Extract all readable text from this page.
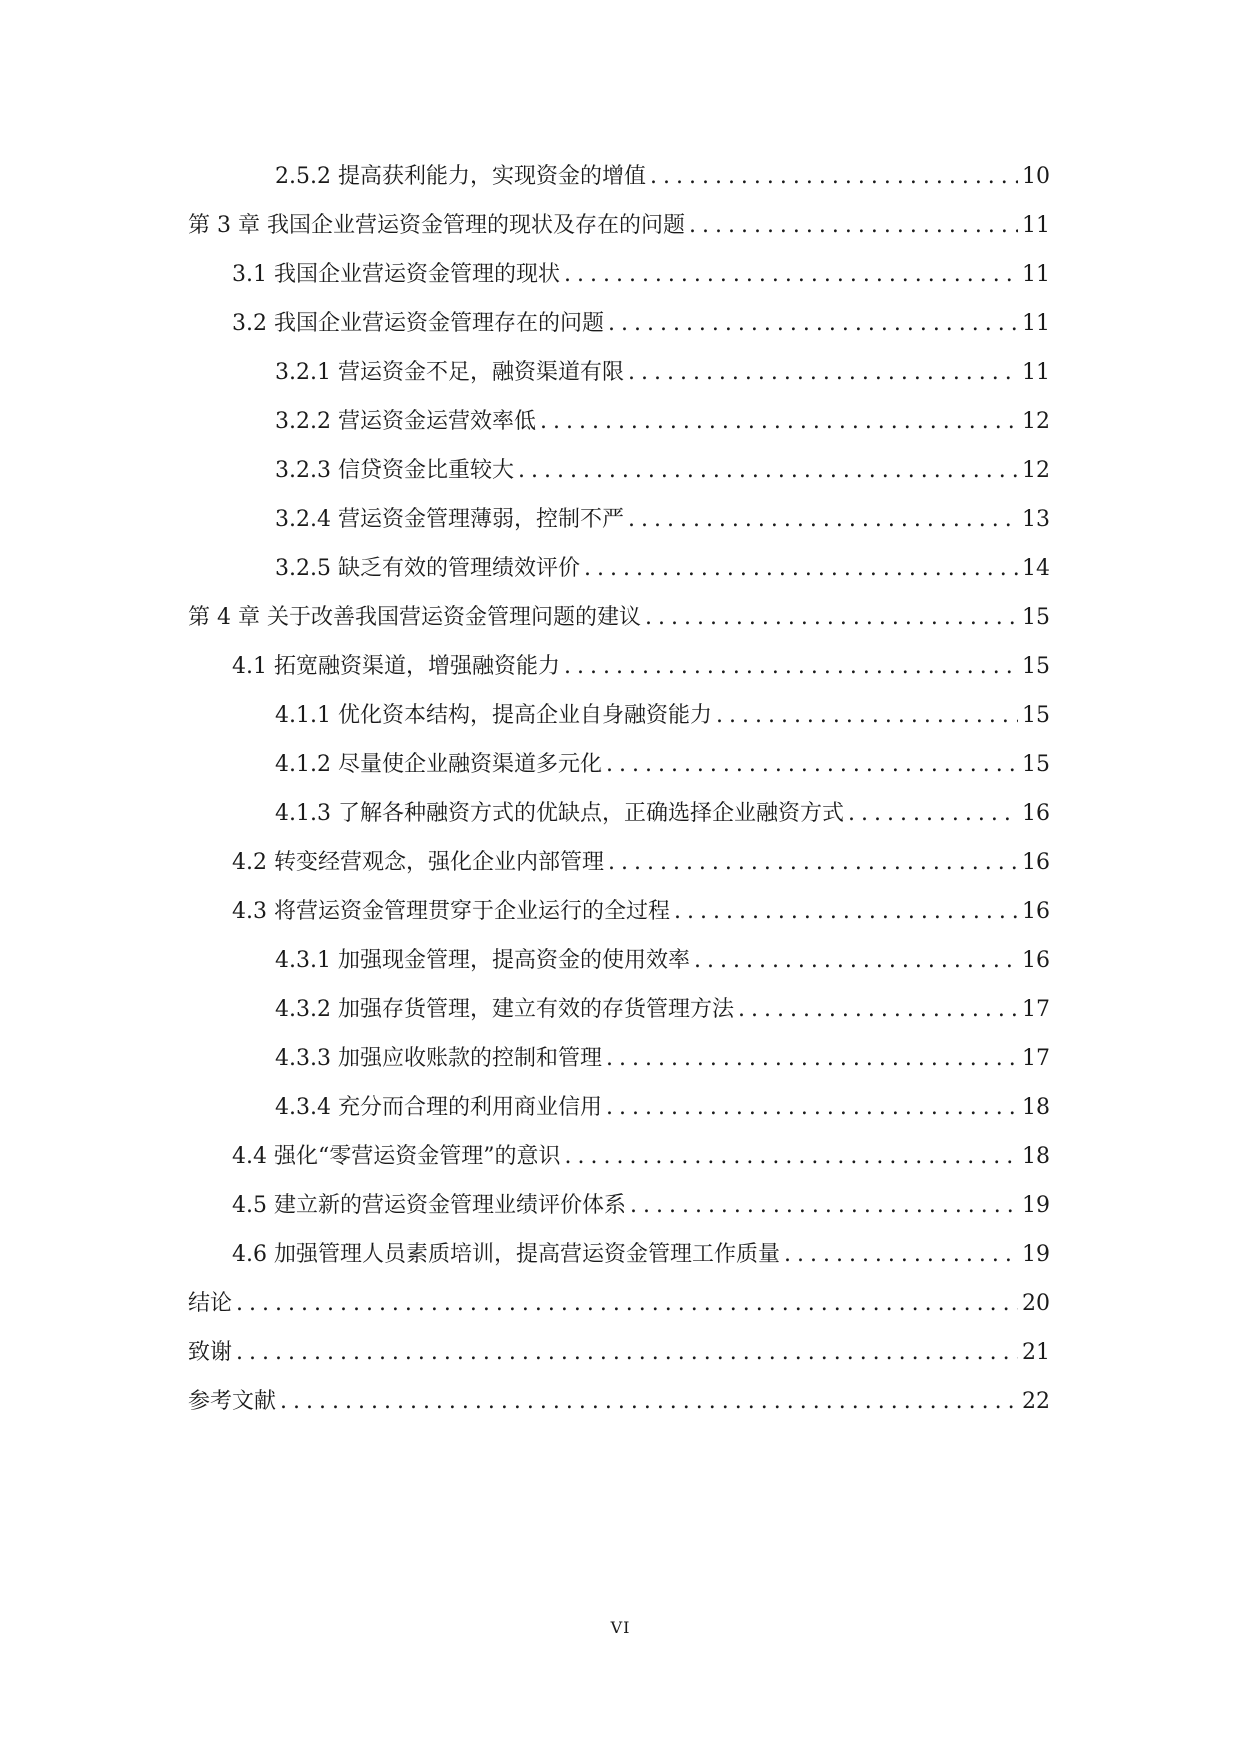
2.5.2 提高获利能力，实现资金的增值 .....	10
第 3 章 我国企业营运资金管理的现状及存在的问题 .....	11
3.1 我国企业营运资金管理的现状 .....	11
3.2 我国企业营运资金管理存在的问题 .....	11
3.2.1 营运资金不足，融资渠道有限 .....	11
3.2.2 营运资金运营效率低 .....	12
3.2.3 信贷资金比重较大 .....	12
3.2.4 营运资金管理薄弱，控制不严 .....	13
3.2.5 缺乏有效的管理绩效评价 .....	14
第 4 章 关于改善我国营运资金管理问题的建议 .....	15
4.1 拓宽融资渠道，增强融资能力 .....	15
4.1.1 优化资本结构，提高企业自身融资能力 .....	15
4.1.2 尽量使企业融资渠道多元化 .....	15
4.1.3 了解各种融资方式的优缺点，正确选择企业融资方式 .....	16
4.2 转变经营观念，强化企业内部管理 .....	16
4.3 将营运资金管理贯穿于企业运行的全过程 .....	16
4.3.1 加强现金管理，提高资金的使用效率 .....	16
4.3.2 加强存货管理，建立有效的存货管理方法 .....	17
4.3.3 加强应收账款的控制和管理 .....	17
4.3.4 充分而合理的利用商业信用 .....	18
4.4 强化“零营运资金管理”的意识 .....	18
4.5 建立新的营运资金管理业绩评价体系 .....	19
4.6 加强管理人员素质培训，提高营运资金管理工作质量 .....	19
结论 .....	20
致谢 .....	21
参考文献 .....	22
VI
